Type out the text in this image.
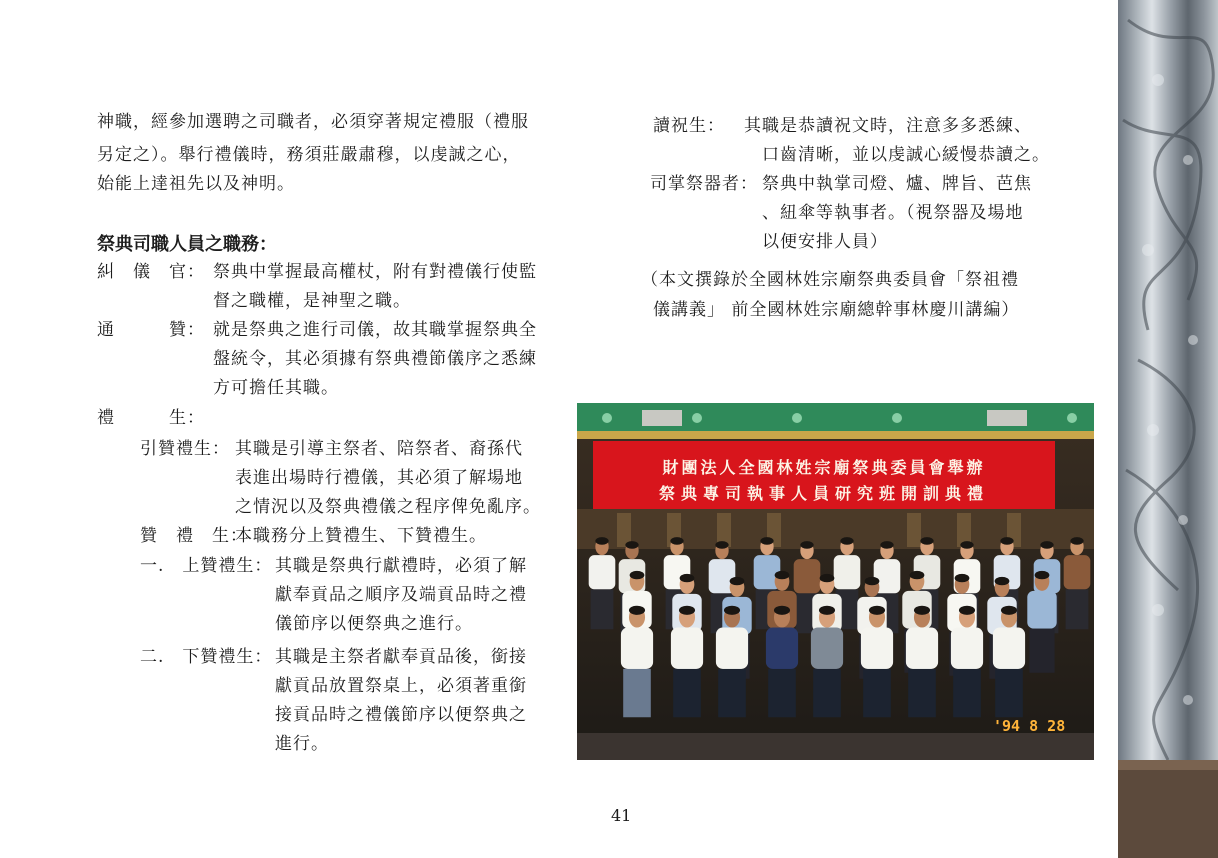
神職，經參加選聘之司職者，必須穿著規定禮服（禮服
另定之）。舉行禮儀時，務須莊嚴肅穆，以虔誠之心，
始能上達祖先以及神明。
祭典司職人員之職務：
糾　儀　官： 祭典中掌握最高權杖，附有對禮儀行使監
督之職權，是神聖之職。
通　　　贊： 就是祭典之進行司儀，故其職掌握祭典全
盤統令，其必須據有祭典禮節儀序之悉練
方可擔任其職。
禮　　　生：
引贊禮生： 其職是引導主祭者、陪祭者、裔孫代
表進出場時行禮儀，其必須了解場地
之情況以及祭典禮儀之程序俾免亂序。
贊　禮　生：
本職務分上贊禮生、下贊禮生。
一.　上贊禮生： 其職是祭典行獻禮時，必須了解
獻奉貢品之順序及端貢品時之禮
儀節序以便祭典之進行。
二.　下贊禮生： 其職是主祭者獻奉貢品後，銜接
獻貢品放置祭桌上，必須著重銜
接貢品時之禮儀節序以便祭典之
進行。
讀祝生： 其職是恭讀祝文時，注意多多悉練、
口齒清晰，並以虔誠心緩慢恭讀之。
司掌祭器者： 祭典中執掌司燈、爐、牌旨、芭焦
、紐傘等執事者。（視祭器及場地
以便安排人員）
（本文撰錄於全國林姓宗廟祭典委員會「祭祖禮
儀講義」 前全國林姓宗廟總幹事林慶川講編）
財團法人全國林姓宗廟祭典委員會舉辦
祭典專司執事人員研究班開訓典禮
'94 8 28
41
